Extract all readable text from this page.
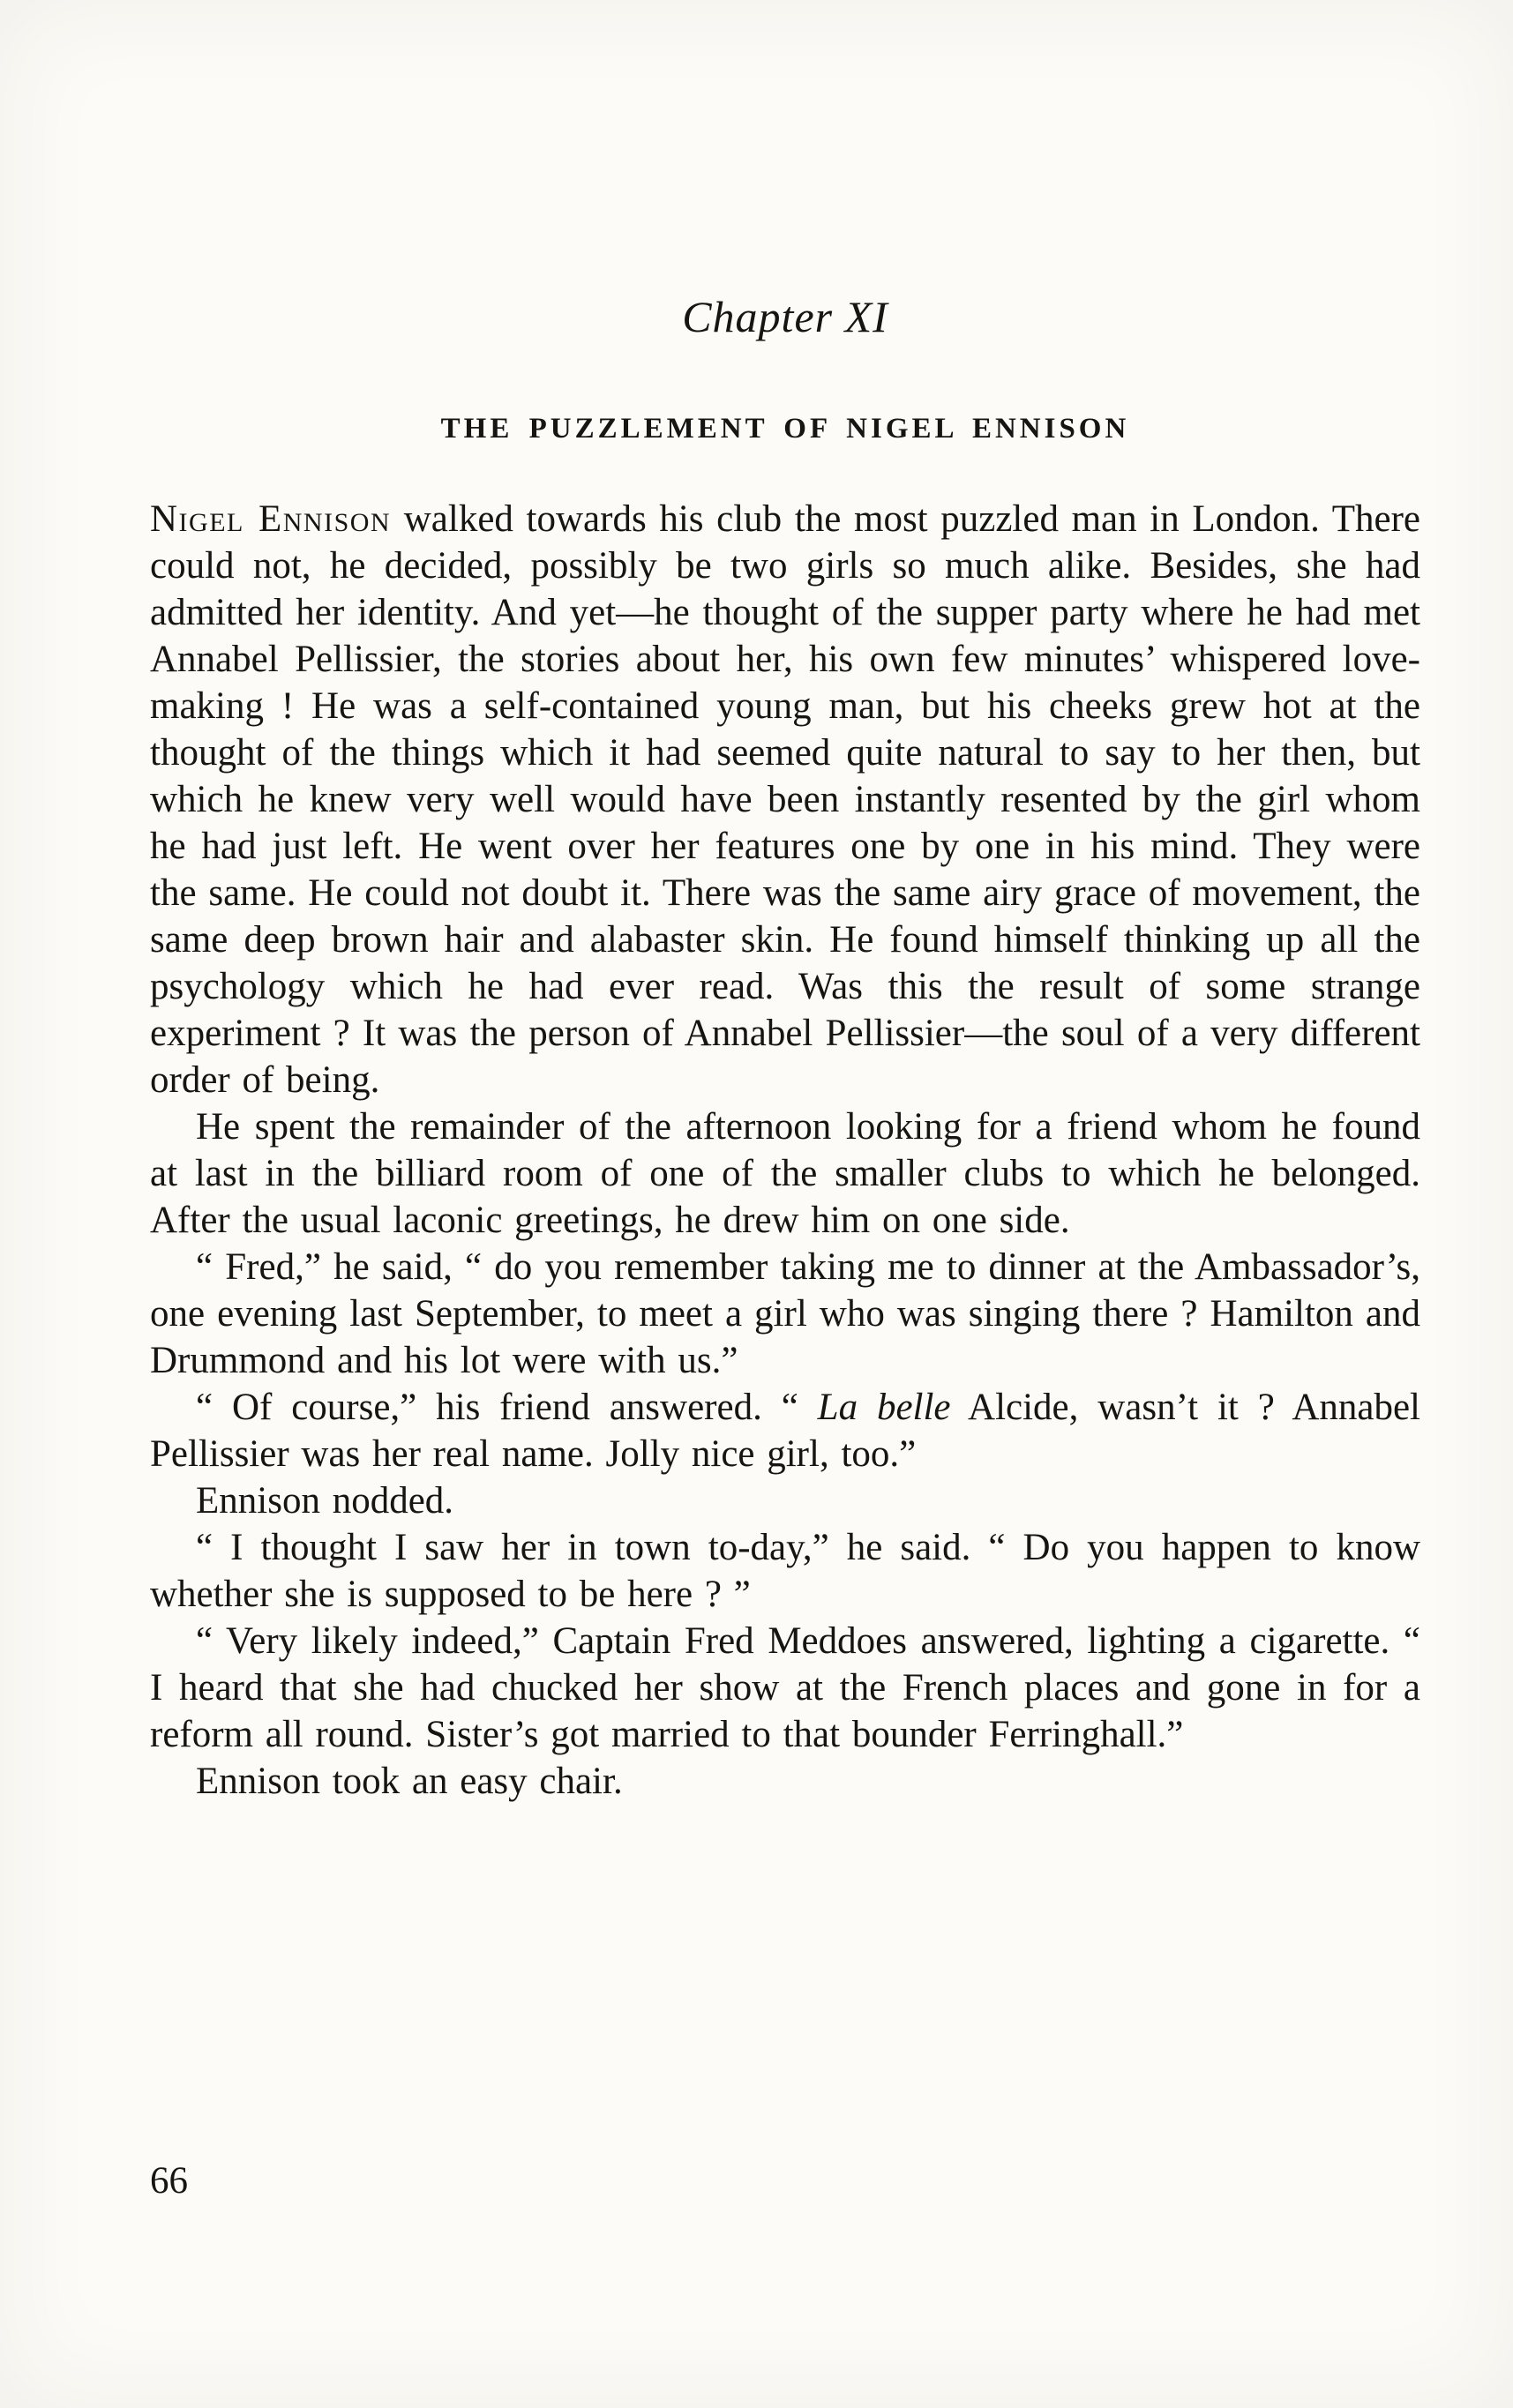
Chapter XI
THE PUZZLEMENT OF NIGEL ENNISON

Nigel Ennison walked towards his club the most puzzled man in London. There could not, he decided, possibly be two girls so much alike. Besides, she had admitted her identity. And yet—he thought of the supper party where he had met Annabel Pellissier, the stories about her, his own few minutes’ whispered love-making ! He was a self-contained young man, but his cheeks grew hot at the thought of the things which it had seemed quite natural to say to her then, but which he knew very well would have been instantly resented by the girl whom he had just left. He went over her features one by one in his mind. They were the same. He could not doubt it. There was the same airy grace of movement, the same deep brown hair and alabaster skin. He found himself thinking up all the psychology which he had ever read. Was this the result of some strange experiment ? It was the person of Annabel Pellissier—the soul of a very different order of being.

He spent the remainder of the afternoon looking for a friend whom he found at last in the billiard room of one of the smaller clubs to which he belonged. After the usual laconic greetings, he drew him on one side.

“ Fred,” he said, “ do you remember taking me to dinner at the Ambassador’s, one evening last September, to meet a girl who was singing there ? Hamilton and Drummond and his lot were with us.”

“ Of course,” his friend answered. “ La belle Alcide, wasn’t it ? Annabel Pellissier was her real name. Jolly nice girl, too.”

Ennison nodded.

“ I thought I saw her in town to-day,” he said. “ Do you happen to know whether she is supposed to be here ? ”

“ Very likely indeed,” Captain Fred Meddoes answered, lighting a cigarette. “ I heard that she had chucked her show at the French places and gone in for a reform all round. Sister’s got married to that bounder Ferringhall.”

Ennison took an easy chair.

66
